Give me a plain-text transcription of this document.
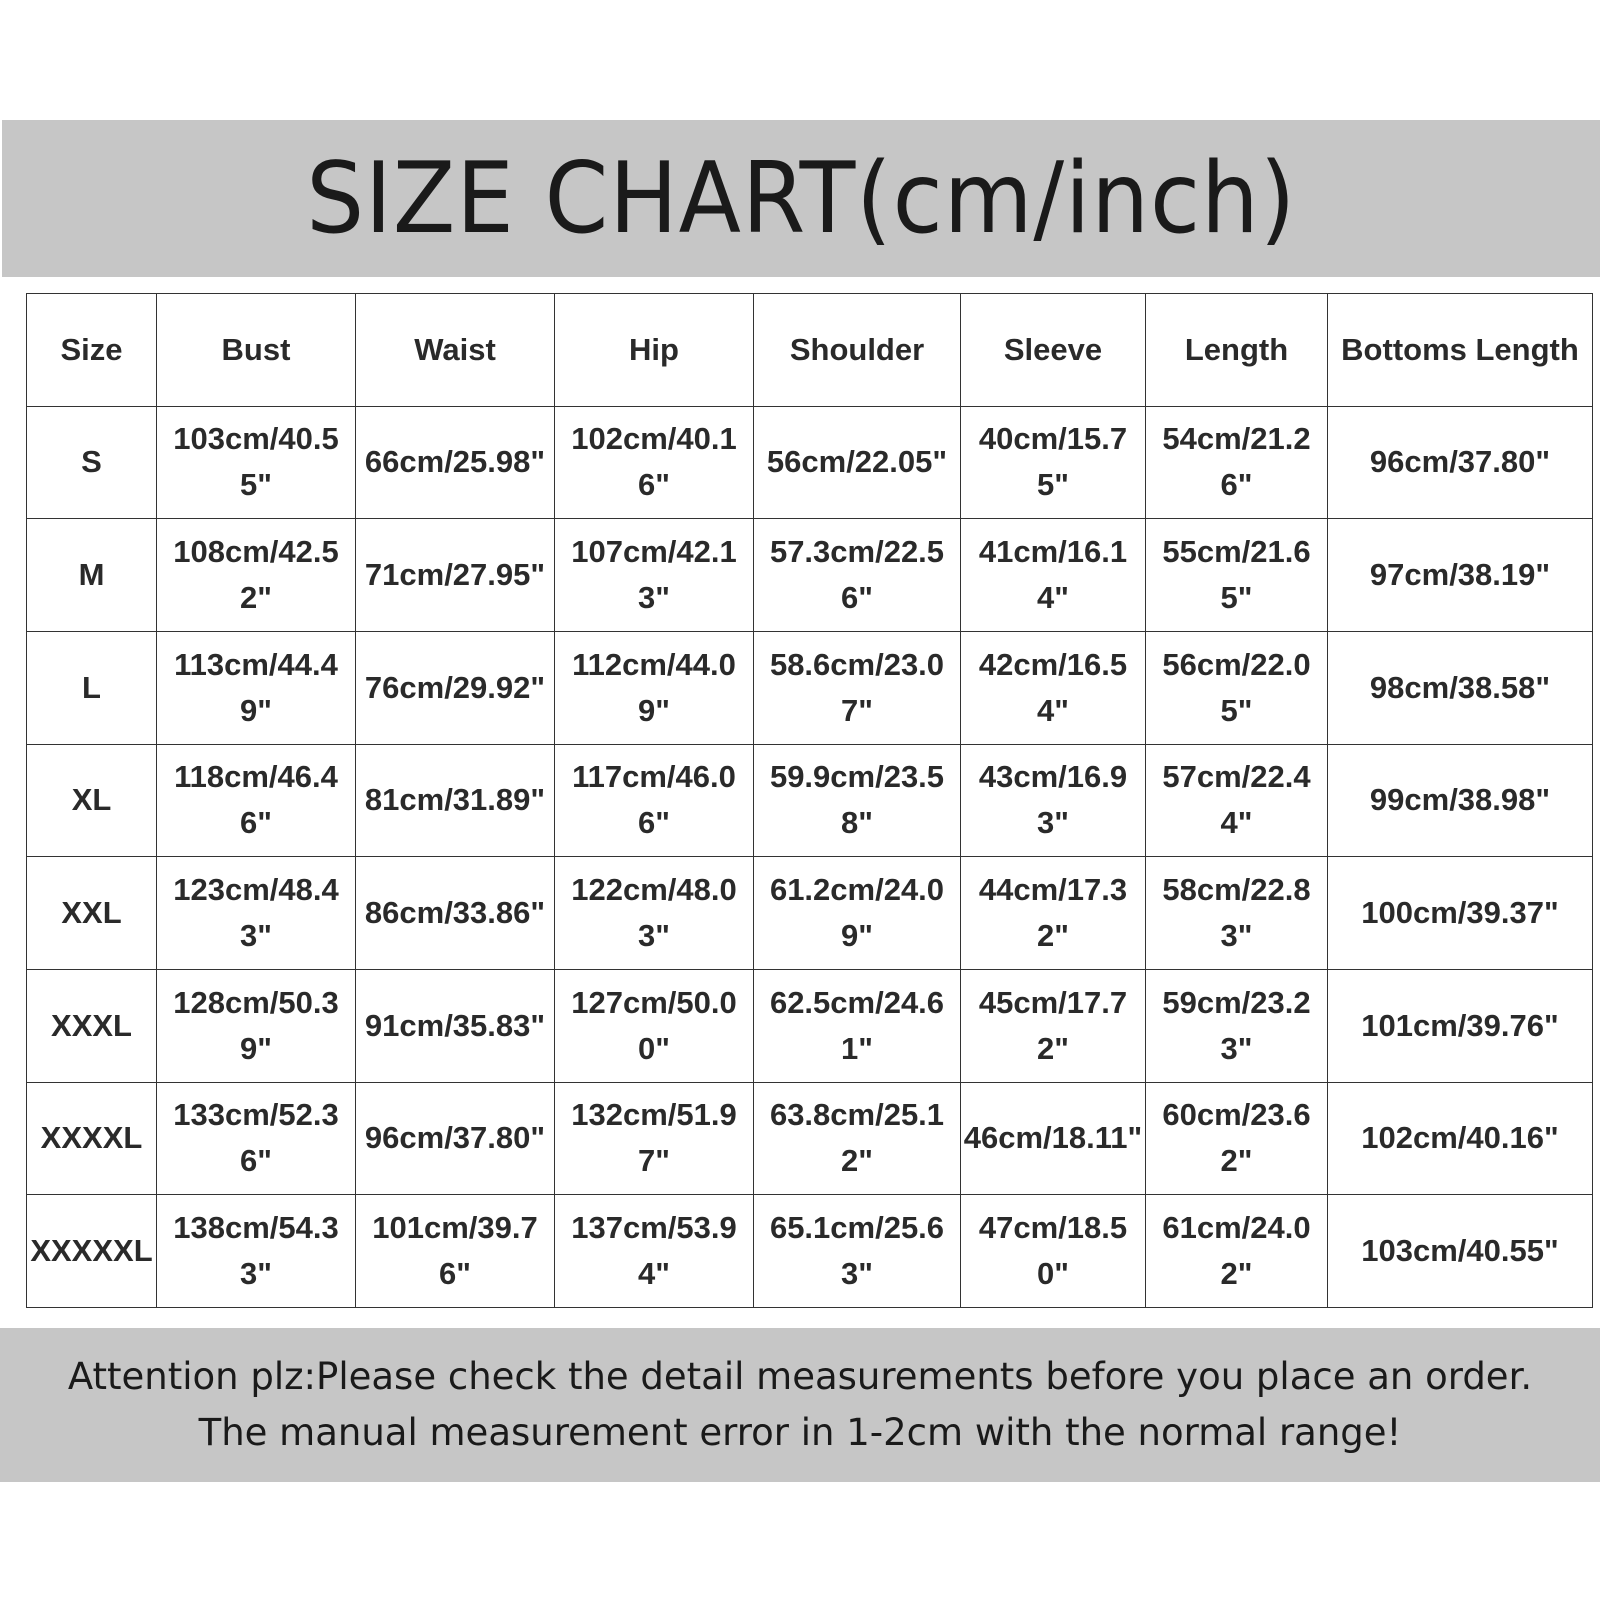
SIZE CHART(cm/inch)
Size	Bust	Waist	Hip	Shoulder	Sleeve	Length	Bottoms Length
S	103cm/40.55"	66cm/25.98"	102cm/40.16"	56cm/22.05"	40cm/15.75"	54cm/21.26"	96cm/37.80"
M	108cm/42.52"	71cm/27.95"	107cm/42.13"	57.3cm/22.56"	41cm/16.14"	55cm/21.65"	97cm/38.19"
L	113cm/44.49"	76cm/29.92"	112cm/44.09"	58.6cm/23.07"	42cm/16.54"	56cm/22.05"	98cm/38.58"
XL	118cm/46.46"	81cm/31.89"	117cm/46.06"	59.9cm/23.58"	43cm/16.93"	57cm/22.44"	99cm/38.98"
XXL	123cm/48.43"	86cm/33.86"	122cm/48.03"	61.2cm/24.09"	44cm/17.32"	58cm/22.83"	100cm/39.37"
XXXL	128cm/50.39"	91cm/35.83"	127cm/50.00"	62.5cm/24.61"	45cm/17.72"	59cm/23.23"	101cm/39.76"
XXXXL	133cm/52.36"	96cm/37.80"	132cm/51.97"	63.8cm/25.12"	46cm/18.11"	60cm/23.62"	102cm/40.16"
XXXXXL	138cm/54.33"	101cm/39.76"	137cm/53.94"	65.1cm/25.63"	47cm/18.50"	61cm/24.02"	103cm/40.55"
Attention plz:Please check the detail measurements before you place an order.
The manual measurement error in 1-2cm with the normal range!
